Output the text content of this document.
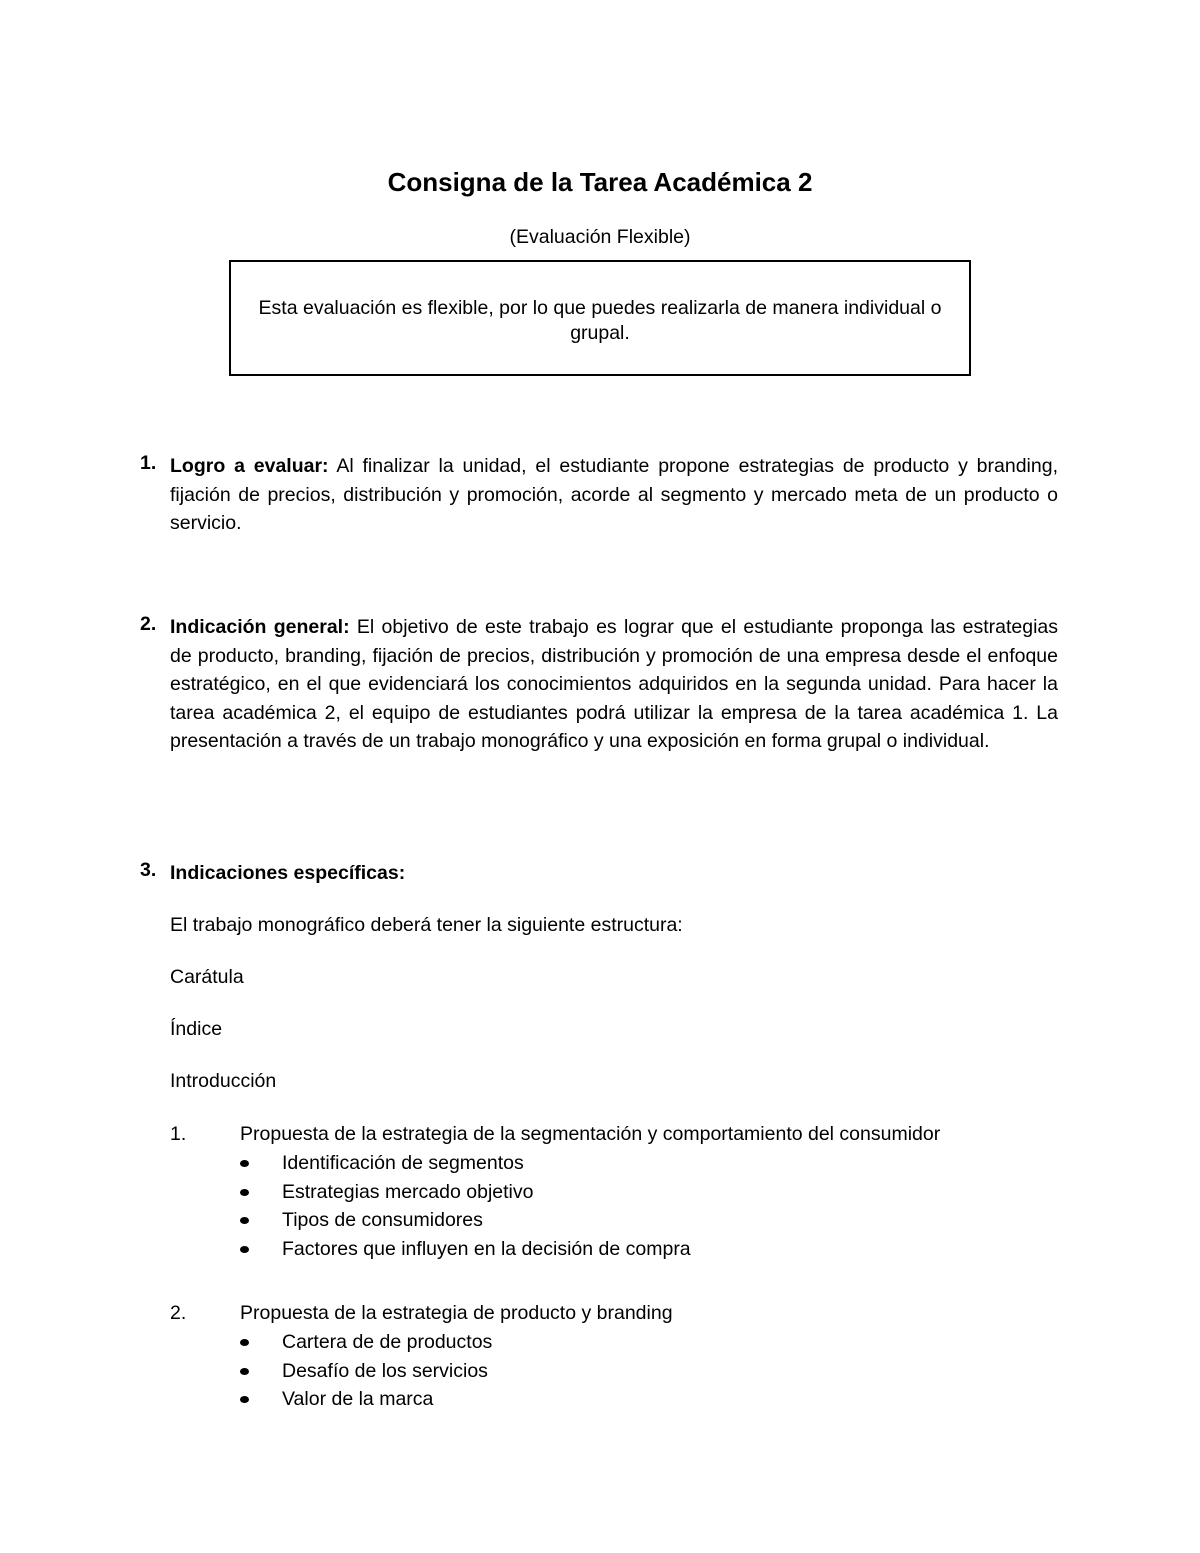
Consigna de la Tarea Académica 2
(Evaluación Flexible)
Esta evaluación es flexible, por lo que puedes realizarla de manera individual o grupal.
1. Logro a evaluar: Al finalizar la unidad, el estudiante propone estrategias de producto y branding, fijación de precios, distribución y promoción, acorde al segmento y mercado meta de un producto o servicio.
2. Indicación general: El objetivo de este trabajo es lograr que el estudiante proponga las estrategias de producto, branding, fijación de precios, distribución y promoción de una empresa desde el enfoque estratégico, en el que evidenciará los conocimientos adquiridos en la segunda unidad. Para hacer la tarea académica 2, el equipo de estudiantes podrá utilizar la empresa de la tarea académica 1. La presentación a través de un trabajo monográfico y una exposición en forma grupal o individual.
3. Indicaciones específicas:
El trabajo monográfico deberá tener la siguiente estructura:
Carátula
Índice
Introducción
1.	Propuesta de la estrategia de la segmentación y comportamiento del consumidor
Identificación de segmentos
Estrategias mercado objetivo
Tipos de consumidores
Factores que influyen en la decisión de compra
2.	Propuesta de la estrategia de producto y branding
Cartera de de productos
Desafío de los servicios
Valor de la marca
